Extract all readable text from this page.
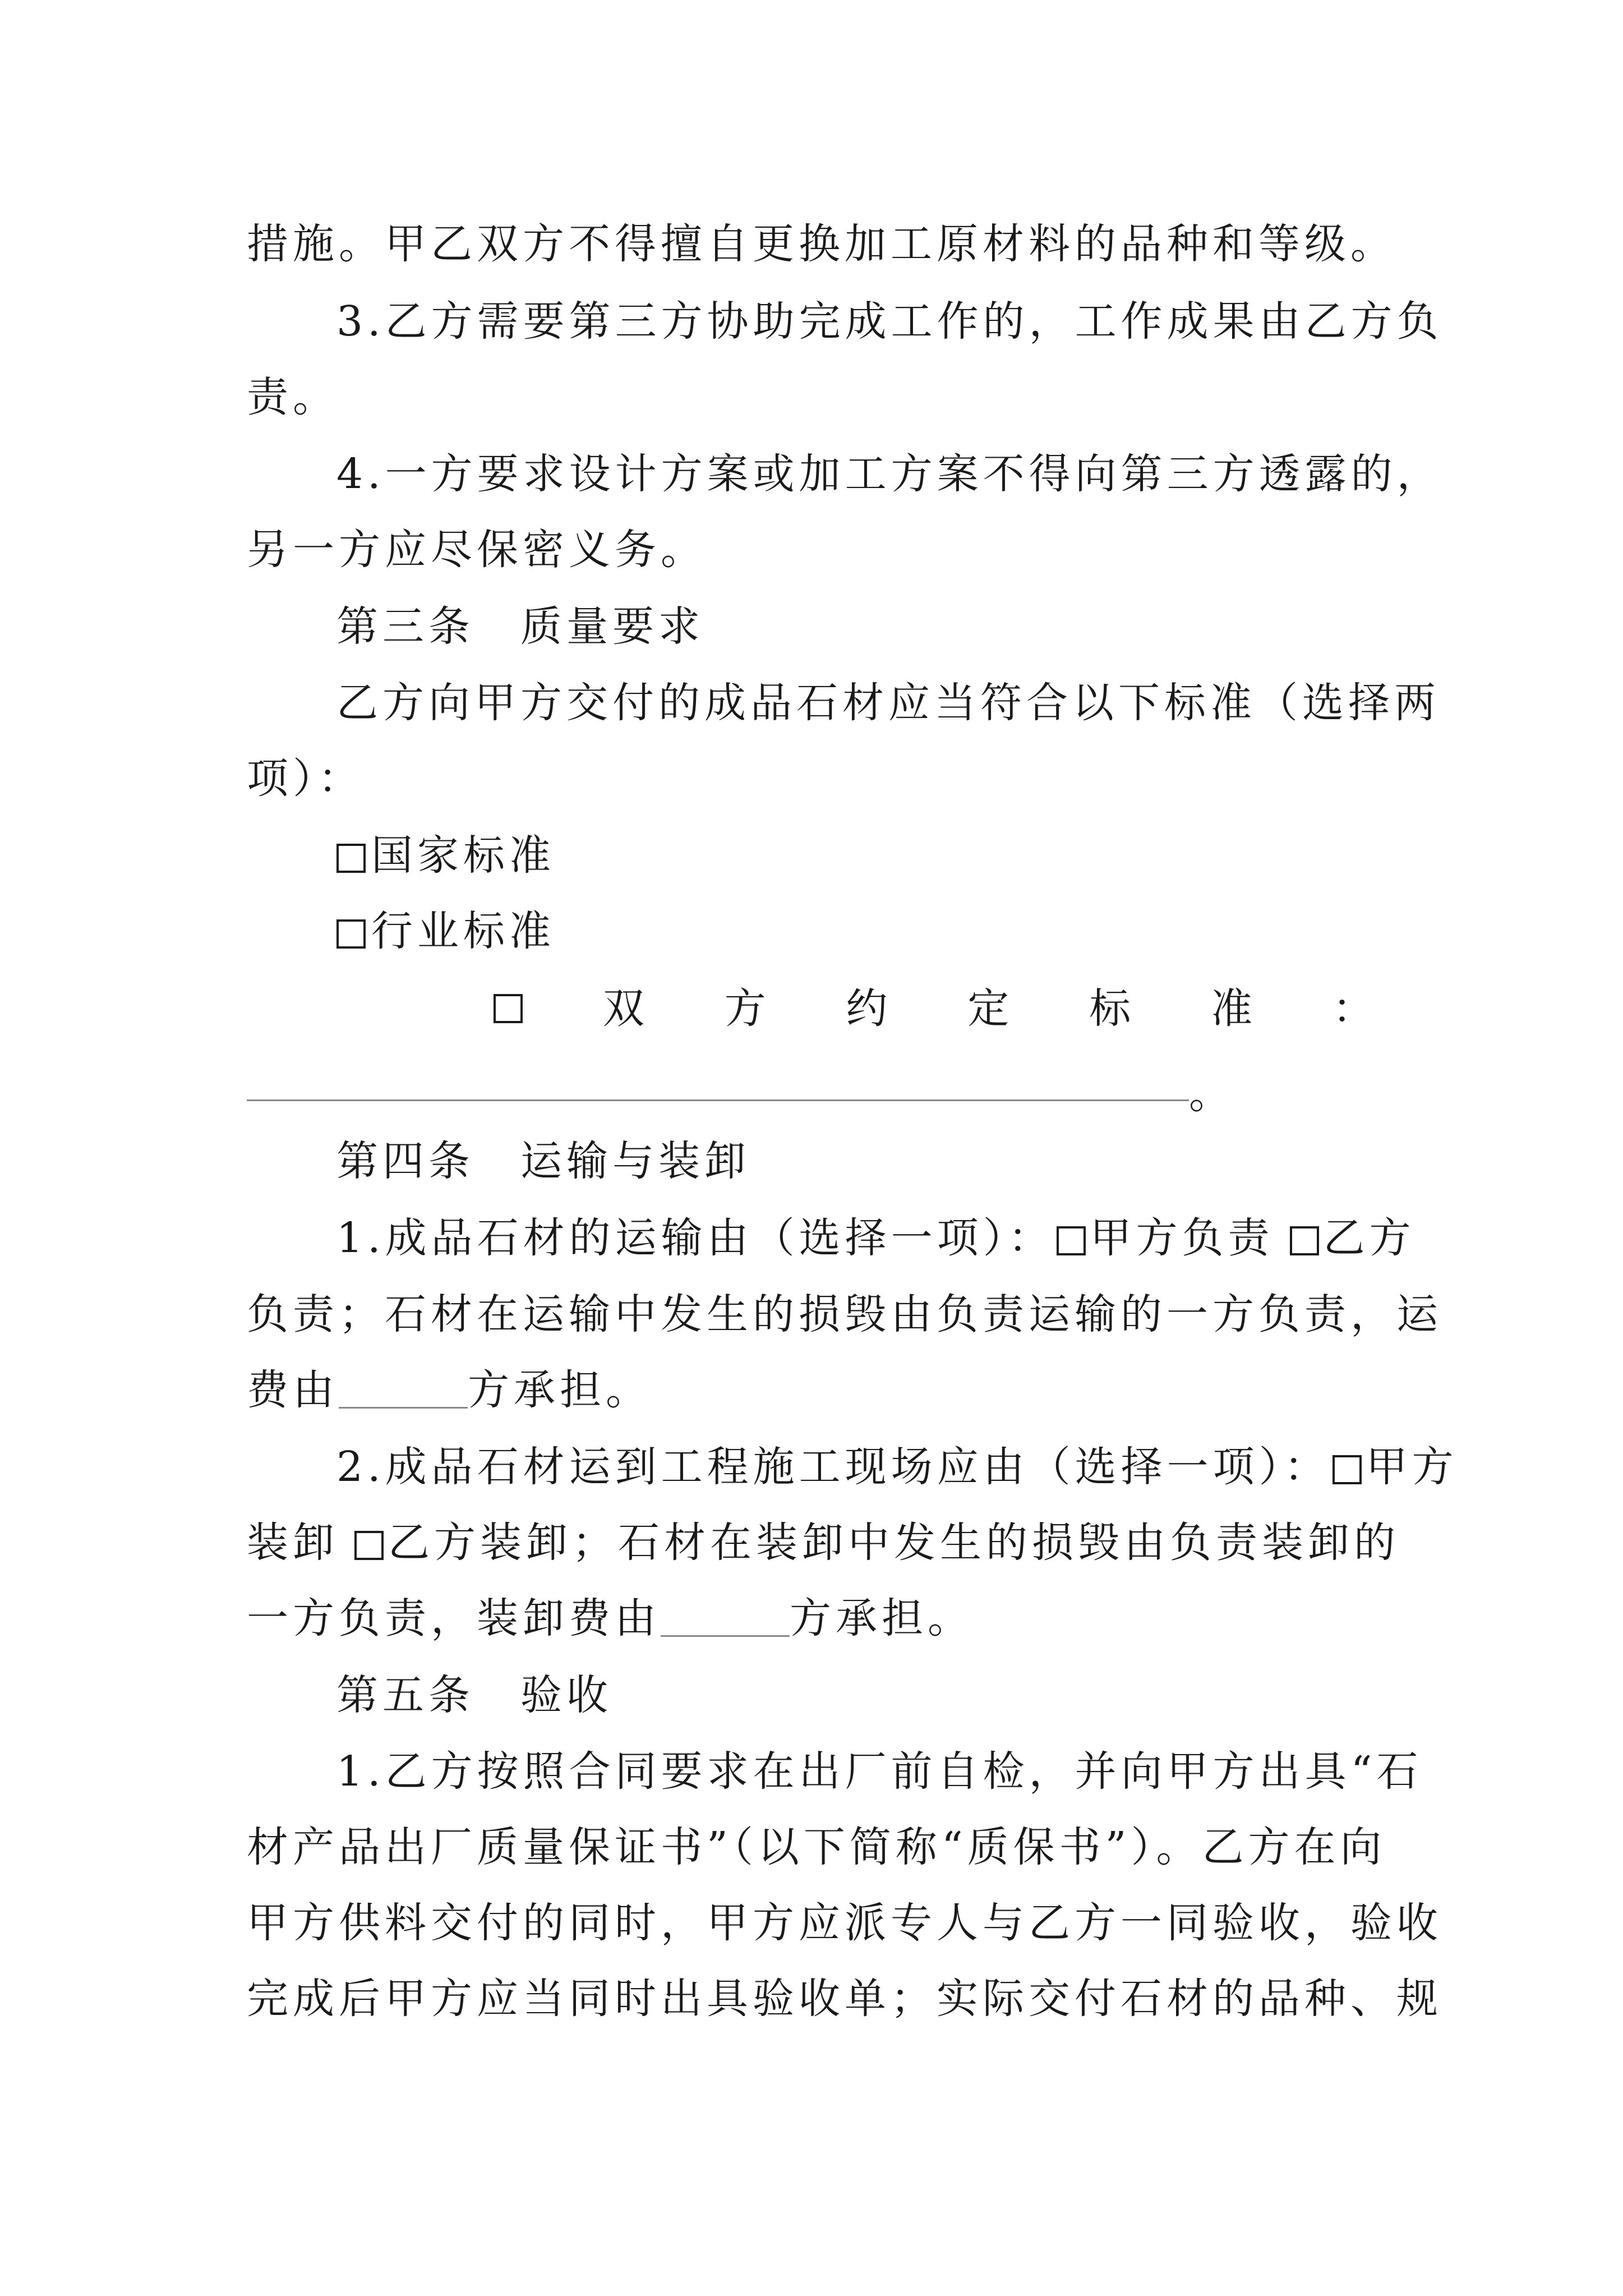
措施。甲乙双方不得擅自更换加工原材料的品种和等级。
3.乙方需要第三方协助完成工作的，工作成果由乙方负
责。
4.一方要求设计方案或加工方案不得向第三方透露的，
另一方应尽保密义务。
第三条　质量要求
乙方向甲方交付的成品石材应当符合以下标准（选择两
项）：
国家标准
行业标准
双 方 约 定 标 准 ：
。
第四条　运输与装卸
1.成品石材的运输由（选择一项）： 甲方负责 乙方
负责；石材在运输中发生的损毁由负责运输的一方负责，运
费由	方承担。
2.成品石材运到工程施工现场应由（选择一项）： 甲方
装卸 乙方装卸；石材在装卸中发生的损毁由负责装卸的
一方负责，装卸费由	方承担。
第五条　验收
1.乙方按照合同要求在出厂前自检，并向甲方出具“石
材产品出厂质量保证书”（以下简称“质保书”）。乙方在向
甲方供料交付的同时，甲方应派专人与乙方一同验收，验收
完成后甲方应当同时出具验收单；实际交付石材的品种、规
